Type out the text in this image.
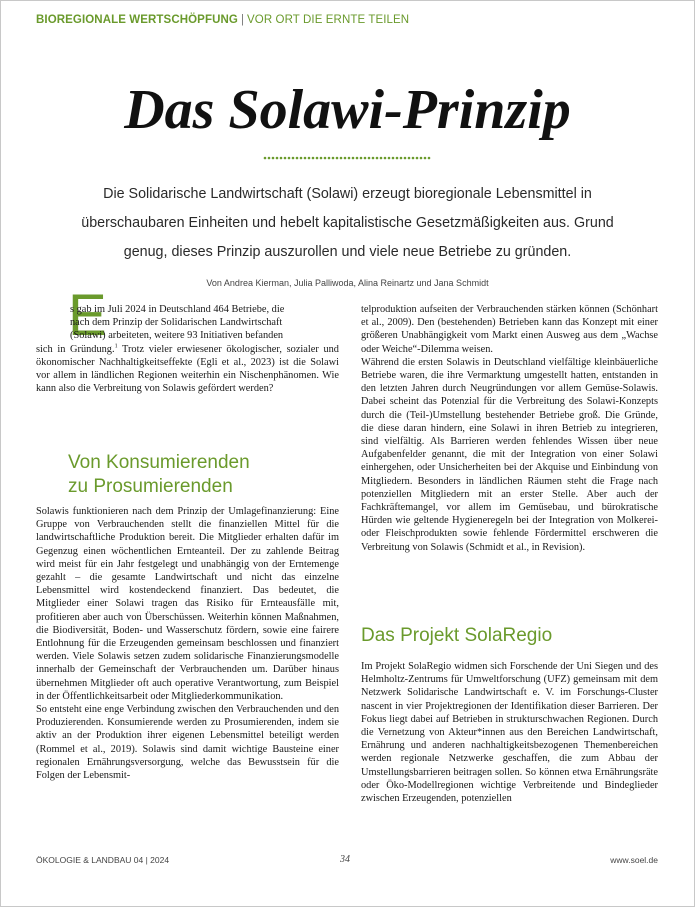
BIOREGIONALE WERTSCHÖPFUNG | VOR ORT DIE ERNTE TEILEN
Das Solawi-Prinzip

Die Solidarische Landwirtschaft (Solawi) erzeugt bioregionale Lebensmittel in überschaubaren Einheiten und hebelt kapitalistische Gesetzmäßigkeiten aus. Grund genug, dieses Prinzip auszurollen und viele neue Betriebe zu gründen.

Von Andrea Kierman, Julia Palliwoda, Alina Reinartz und Jana Schmidt
E

s gab im Juli 2024 in Deutschland 464 Betriebe, die
nach dem Prinzip der Solidarischen Landwirtschaft
(Solawi) arbeiteten, weitere 93 Initiativen befanden
sich in Gründung.$^1$ Trotz vieler erwiesener ökologischer, sozialer und ökonomischer Nachhaltigkeitseffekte (Egli et al., 2023) ist die Solawi vor allem in ländlichen Regionen weiterhin ein Nischenphänomen. Wie kann also die Verbreitung von Solawis gefördert werden?

Von Konsumierenden
zu Prosumierenden

Solawis funktionieren nach dem Prinzip der Umlagefinanzierung: Eine Gruppe von Verbrauchenden stellt die finanziellen Mittel für die landwirtschaftliche Produktion bereit. Die Mitglieder erhalten dafür im Gegenzug einen wöchentlichen Ernteanteil. Der zu zahlende Beitrag wird meist für ein Jahr festgelegt und unabhängig von der Erntemenge gezahlt – die gesamte Landwirtschaft und nicht das einzelne Lebensmittel wird kostendeckend finanziert. Das bedeutet, die Mitglieder einer Solawi tragen das Risiko für Ernteausfälle mit, profitieren aber auch von Überschüssen. Weiterhin können Maßnahmen, die Biodiversität, Boden- und Wasserschutz fördern, sowie eine fairere Entlohnung für die Erzeugenden gemeinsam beschlossen und finanziert werden. Viele Solawis setzen zudem solidarische Finanzierungsmodelle innerhalb der Gemeinschaft der Verbrauchenden um. Darüber hinaus übernehmen Mitglieder oft auch operative Verantwortung, zum Beispiel in der Öffentlichkeitsarbeit oder Mitgliederkommunikation.

So entsteht eine enge Verbindung zwischen den Verbrauchenden und den Produzierenden. Konsumierende werden zu Prosumierenden, indem sie aktiv an der Produktion ihrer eigenen Lebensmittel beteiligt werden (Rommel et al., 2019). Solawis sind damit wichtige Bausteine einer regionalen Ernährungsversorgung, welche das Bewusstsein für die Folgen der Lebensmit-

telproduktion aufseiten der Verbrauchenden stärken können (Schönhart et al., 2009). Den (bestehenden) Betrieben kann das Konzept mit einer größeren Unabhängigkeit vom Markt einen Ausweg aus dem „Wachse oder Weiche“-Dilemma weisen.

Während die ersten Solawis in Deutschland vielfältige kleinbäuerliche Betriebe waren, die ihre Vermarktung umgestellt hatten, entstanden in den letzten Jahren durch Neugründungen vor allem Gemüse-Solawis. Dabei scheint das Potenzial für die Verbreitung des Solawi-Konzepts durch die (Teil-)Umstellung bestehender Betriebe groß. Die Gründe, die diese daran hindern, eine Solawi in ihren Betrieb zu integrieren, sind vielfältig. Als Barrieren werden fehlendes Wissen über neue Aufgabenfelder genannt, die mit der Integration von einer Solawi einhergehen, oder Unsicherheiten bei der Akquise und Einbindung von Mitgliedern. Besonders in ländlichen Räumen steht die Frage nach potenziellen Mitgliedern mit an erster Stelle. Aber auch der Fachkräftemangel, vor allem im Gemüsebau, und bürokratische Hürden wie geltende Hygieneregeln bei der Integration von Molkerei- oder Fleischprodukten sowie fehlende Fördermittel erschweren die Verbreitung von Solawis (Schmidt et al., in Revision).

Das Projekt SolaRegio

Im Projekt SolaRegio widmen sich Forschende der Uni Siegen und des Helmholtz-Zentrums für Umweltforschung (UFZ) gemeinsam mit dem Netzwerk Solidarische Landwirtschaft e. V. im Forschungs-Cluster nascent in vier Projektregionen der Identifikation dieser Barrieren. Der Fokus liegt dabei auf Betrieben in strukturschwachen Regionen. Durch die Vernetzung von Akteur*innen aus den Bereichen Landwirtschaft, Ernährung und anderen nachhaltigkeitsbezogenen Themenbereichen werden regionale Netzwerke geschaffen, die zum Abbau der Umstellungsbarrieren beitragen sollen. So können etwa Ernährungsräte oder Öko-Modellregionen wichtige Verbreitende und Bindeglieder zwischen Erzeugenden, potenziellen

ÖKOLOGIE & LANDBAU 04 | 2024	34	www.soel.de
